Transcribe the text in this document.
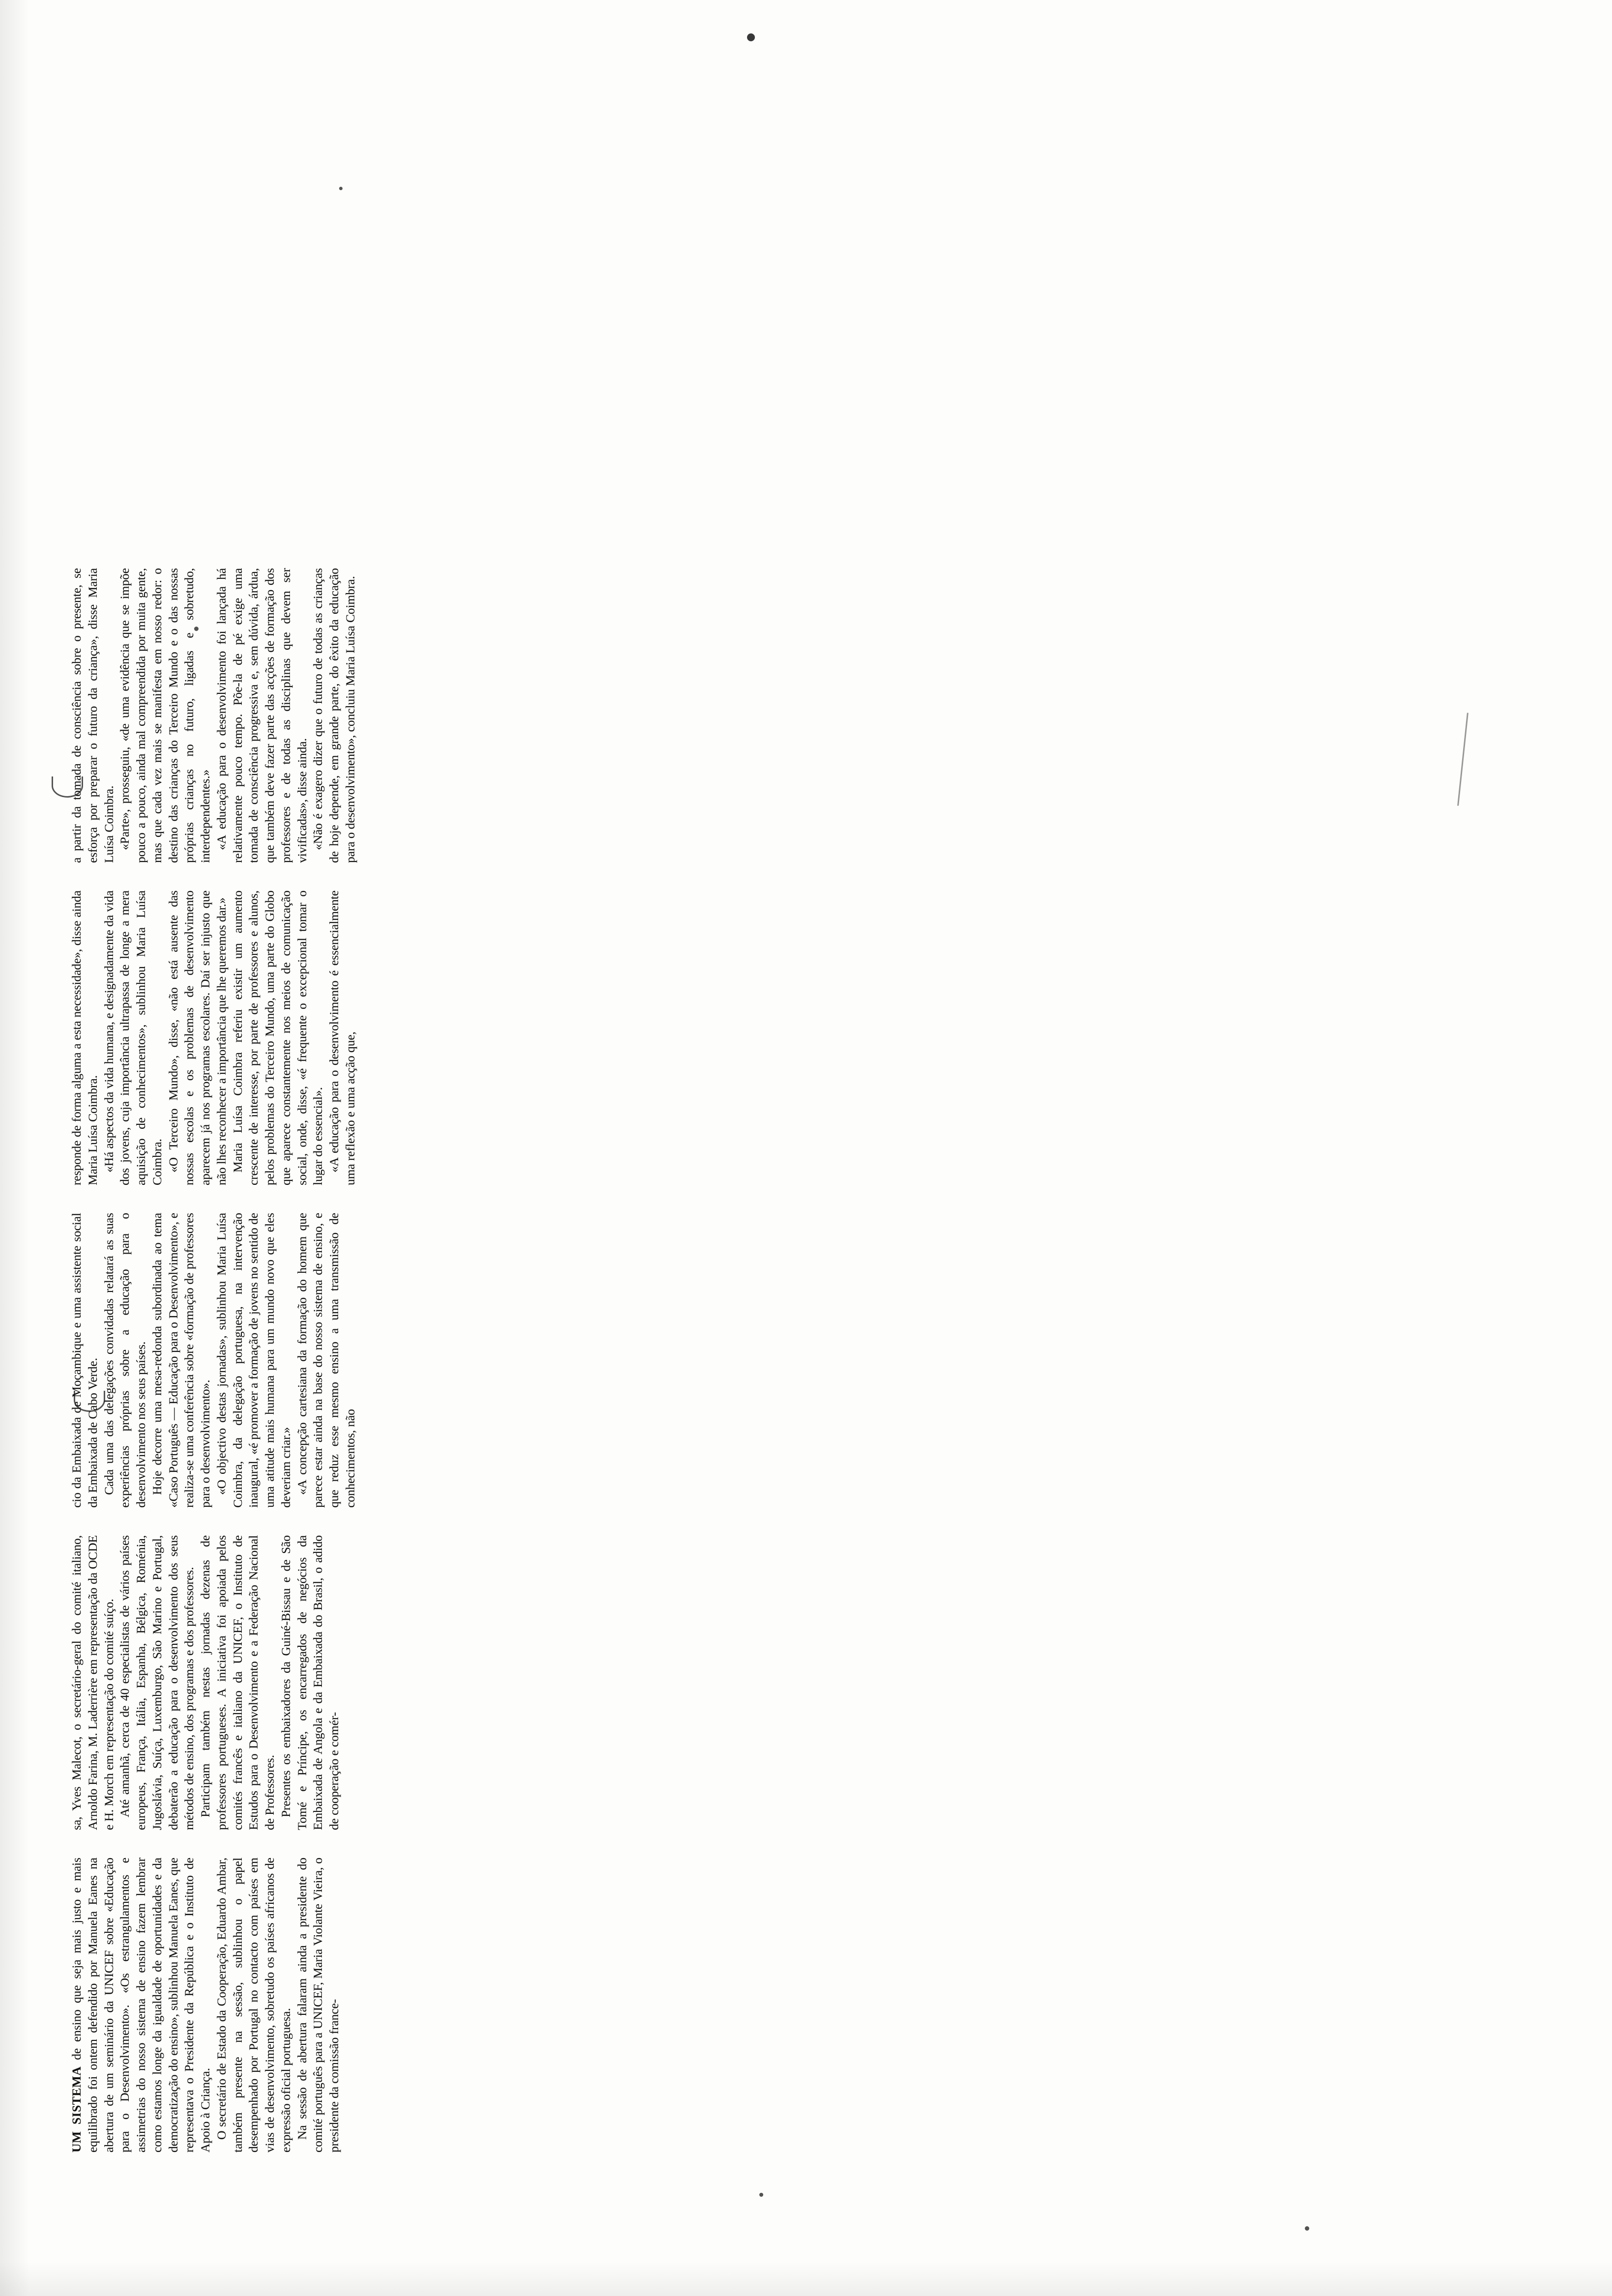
UM SISTEMA de ensino que seja mais justo e mais equilibrado foi ontem defendido por Manuela Eanes na abertura de um seminário da UNICEF sobre «Educação para o Desenvolvimento». «Os estrangulamentos e assimetrias do nosso sistema de ensino fazem lembrar como estamos longe da igualdade de oportunidades e da democratização do ensino», sublinhou Manuela Eanes, que representava o Presidente da República e o Instituto de Apoio à Criança. O secretário de Estado da Cooperação, Eduardo Ambar, também presente na sessão, sublinhou o papel desempenhado por Portugal no contacto com países em vias de desenvolvimento, sobretudo os países africanos de expressão oficial portuguesa. Na sessão de abertura falaram ainda a presidente do comité português para a UNICEF, Maria Violante Vieira, o presidente da comissão france-

sa, Yves Malecot, o secretário-geral do comité italiano, Arnoldo Farina, M. Laderrière em representação da OCDE e H. Morch em representação do comité suíço. Até amanhã, cerca de 40 especialistas de vários países europeus, França, Itália, Espanha, Bélgica, Roménia, Jugoslávia, Suíça, Luxemburgo, São Marino e Portugal, debaterão a educação para o desenvolvimento dos seus métodos de ensino, dos programas e dos professores. Participam também nestas jornadas dezenas de professores portugueses. A iniciativa foi apoiada pelos comités francês e italiano da UNICEF, o Instituto de Estudos para o Desenvolvimento e a Federação Nacional de Professores. Presentes os embaixadores da Guiné-Bissau e de São Tomé e Príncipe, os encarregados de negócios da Embaixada de Angola e da Embaixada do Brasil, o adido de cooperação e comér-

cio da Embaixada de Moçambique e uma assistente social da Embaixada de Cabo Verde. Cada uma das delegações convidadas relatará as suas experiências próprias sobre a educação para o desenvolvimento nos seus países. Hoje decorre uma mesa-redonda subordinada ao tema «Caso Português — Educação para o Desenvolvimento», e realiza-se uma conferência sobre «formação de professores para o desenvolvimento». «O objectivo destas jornadas», sublinhou Maria Luísa Coimbra, da delegação portuguesa, na intervenção inaugural, «é promover a formação de jovens no sentido de uma atitude mais humana para um mundo novo que eles deveriam criar.» «A concepção cartesiana da formação do homem que parece estar ainda na base do nosso sistema de ensino, e que reduz esse mesmo ensino a uma transmissão de conhecimentos, não

responde de forma alguma a esta necessidade», disse ainda Maria Luísa Coimbra. «Há aspectos da vida humana, e designadamente da vida dos jovens, cuja importância ultrapassa de longe a mera aquisição de conhecimentos», sublinhou Maria Luísa Coimbra. «O Terceiro Mundo», disse, «não está ausente das nossas escolas e os problemas de desenvolvimento aparecem já nos programas escolares. Daí ser injusto que não lhes reconhecer a importância que lhe queremos dar.» Maria Luísa Coimbra referiu existir um aumento crescente de interesse, por parte de professores e alunos, pelos problemas do Terceiro Mundo, uma parte do Globo que aparece constantemente nos meios de comunicação social, onde, disse, «é frequente o excepcional tomar o lugar do essencial». «A educação para o desenvolvimento é essencialmente uma reflexão e uma acção que,

a partir da tomada de consciência sobre o presente, se esforça por preparar o futuro da criança», disse Maria Luísa Coimbra. «Parte», prosseguiu, «de uma evidência que se impõe pouco a pouco, ainda mal compreendida por muita gente, mas que cada vez mais se manifesta em nosso redor: o destino das crianças do Terceiro Mundo e o das nossas próprias crianças no futuro, ligadas e sobretudo, interdependentes.» «A educação para o desenvolvimento foi lançada há relativamente pouco tempo. Põe-la de pé exige uma tomada de consciência progressiva e, sem dúvida, árdua, que também deve fazer parte das acções de formação dos professores e de todas as disciplinas que devem ser vivificadas», disse ainda. «Não é exagero dizer que o futuro de todas as crianças de hoje depende, em grande parte, do êxito da educação para o desenvolvimento», concluiu Maria Luísa Coimbra.
